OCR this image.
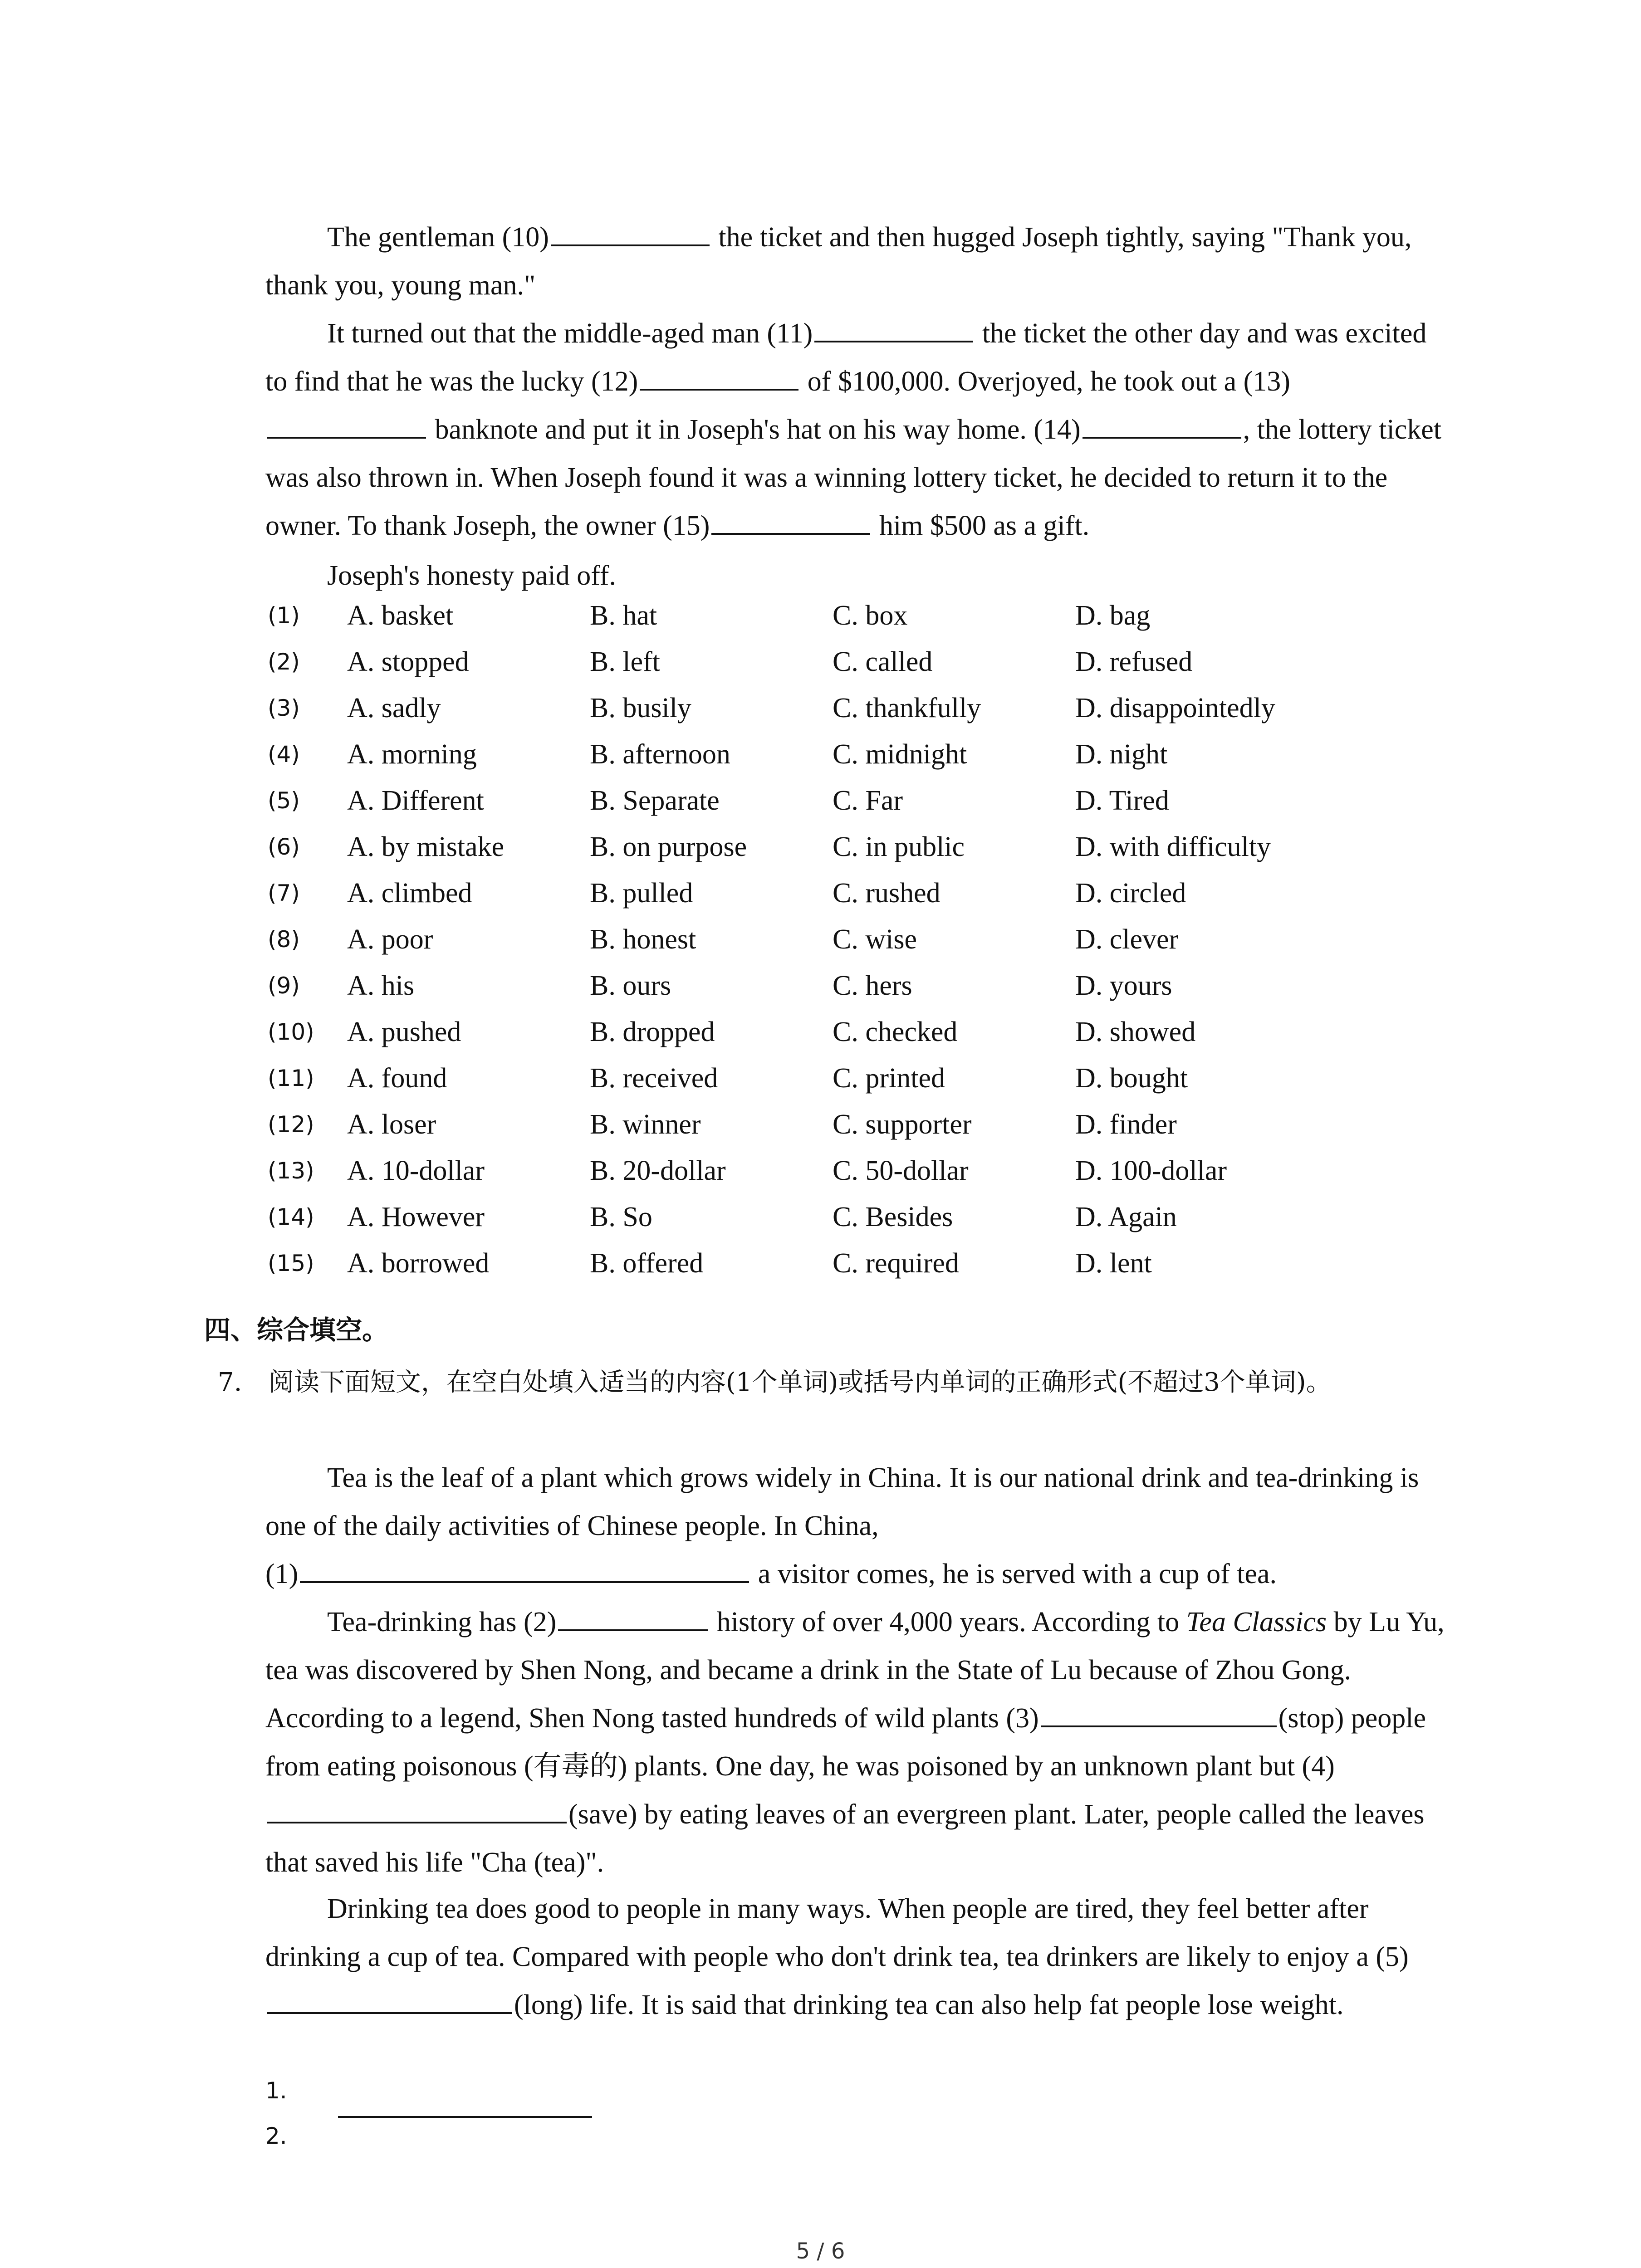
The gentleman (10)	the ticket and then hugged Joseph tightly, saying "Thank you, thank you, young man."

It turned out that the middle-aged man (11)	the ticket the other day and was excited to find that he was the lucky (12)	of $100,000. Overjoyed, he took out a (13) banknote and put it in Joseph's hat on his way home. (14)	, the lottery ticket was also thrown in. When Joseph found it was a winning lottery ticket, he decided to return it to the owner. To thank Joseph, the owner (15)	him $500 as a gift.

Joseph's honesty paid off.

(1) A. basket	B. hat	C. box	D. bag
(2) A. stopped	B. left	C. called	D. refused
(3) A. sadly	B. busily	C. thankfully	D. disappointedly
(4) A. morning	B. afternoon	C. midnight	D. night
(5) A. Different	B. Separate	C. Far	D. Tired
(6) A. by mistake	B. on purpose	C. in public	D. with difficulty
(7) A. climbed	B. pulled	C. rushed	D. circled
(8) A. poor	B. honest	C. wise	D. clever
(9) A. his	B. ours	C. hers	D. yours
(10) A. pushed	B. dropped	C. checked	D. showed
(11) A. found	B. received	C. printed	D. bought
(12) A. loser	B. winner	C. supporter	D. finder
(13) A. 10-dollar	B. 20-dollar	C. 50-dollar	D. 100-dollar
(14) A. However	B. So	C. Besides	D. Again
(15) A. borrowed	B. offered	C. required	D. lent
四、综合填空。
7. 阅读下面短文，在空白处填入适当的内容(1个单词)或括号内单词的正确形式(不超过3个单词)。

Tea is the leaf of a plant which grows widely in China. It is our national drink and tea-drinking is one of the daily activities of Chinese people. In China,

(1)	a visitor comes, he is served with a cup of tea.

Tea-drinking has (2)	history of over 4,000 years. According to Tea Classics by Lu Yu, tea was discovered by Shen Nong, and became a drink in the State of Lu because of Zhou Gong. According to a legend, Shen Nong tasted hundreds of wild plants (3)	(stop) people from eating poisonous (有毒的) plants. One day, he was poisoned by an unknown plant but (4)(save) by eating leaves of an evergreen plant. Later, people called the leaves that saved his life "Cha (tea)".

Drinking tea does good to people in many ways. When people are tired, they feel better after drinking a cup of tea. Compared with people who don't drink tea, tea drinkers are likely to enjoy a (5)(long) life. It is said that drinking tea can also help fat people lose weight.

1.
2.
5 / 6
